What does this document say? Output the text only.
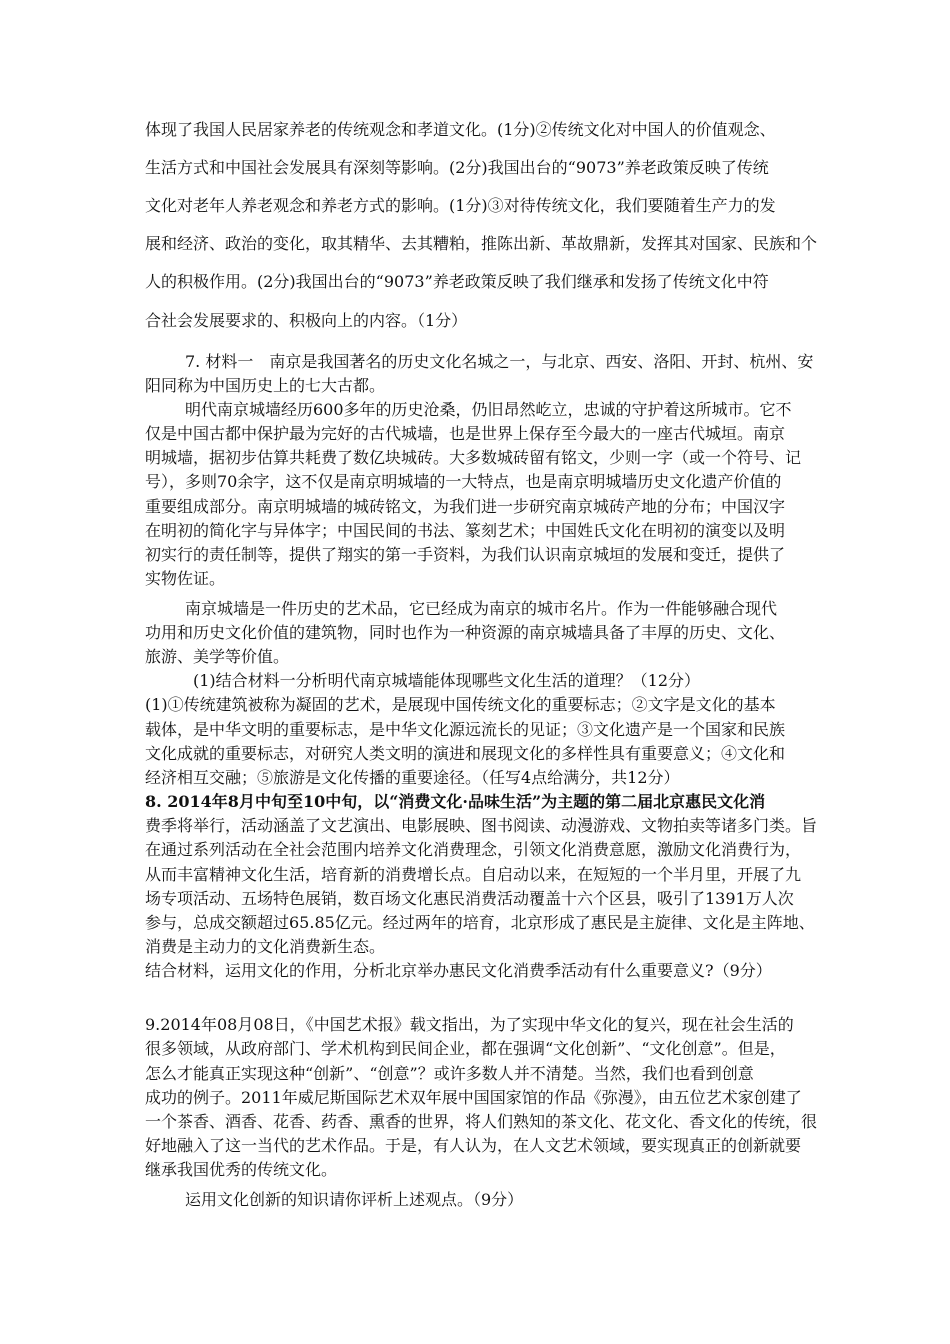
体现了我国人民居家养老的传统观念和孝道文化。(1分)②传统文化对中国人的价值观念、
生活方式和中国社会发展具有深刻等影响。(2分)我国出台的“9073”养老政策反映了传统
文化对老年人养老观念和养老方式的影响。(1分)③对待传统文化，我们要随着生产力的发
展和经济、政治的变化，取其精华、去其糟粕，推陈出新、革故鼎新，发挥其对国家、民族和个
人的积极作用。(2分)我国出台的“9073”养老政策反映了我们继承和发扬了传统文化中符
合社会发展要求的、积极向上的内容。（1分）
7. 材料一　南京是我国著名的历史文化名城之一，与北京、西安、洛阳、开封、杭州、安
阳同称为中国历史上的七大古都。
明代南京城墙经历600多年的历史沧桑，仍旧昂然屹立，忠诚的守护着这所城市。它不
仅是中国古都中保护最为完好的古代城墙，也是世界上保存至今最大的一座古代城垣。南京
明城墙，据初步估算共耗费了数亿块城砖。大多数城砖留有铭文，少则一字（或一个符号、记
号），多则70余字，这不仅是南京明城墙的一大特点，也是南京明城墙历史文化遗产价值的
重要组成部分。南京明城墙的城砖铭文，为我们进一步研究南京城砖产地的分布；中国汉字
在明初的简化字与异体字；中国民间的书法、篆刻艺术；中国姓氏文化在明初的演变以及明
初实行的责任制等，提供了翔实的第一手资料，为我们认识南京城垣的发展和变迁，提供了
实物佐证。
南京城墙是一件历史的艺术品，它已经成为南京的城市名片。作为一件能够融合现代
功用和历史文化价值的建筑物，同时也作为一种资源的南京城墙具备了丰厚的历史、文化、
旅游、美学等价值。
(1)结合材料一分析明代南京城墙能体现哪些文化生活的道理？（12分）
(1)①传统建筑被称为凝固的艺术，是展现中国传统文化的重要标志；②文字是文化的基本
载体，是中华文明的重要标志，是中华文化源远流长的见证；③文化遗产是一个国家和民族
文化成就的重要标志，对研究人类文明的演进和展现文化的多样性具有重要意义；④文化和
经济相互交融；⑤旅游是文化传播的重要途径。（任写4点给满分，共12分）
8. 2014年8月中旬至10中旬，以“消费文化·品味生活”为主题的第二届北京惠民文化消
费季将举行，活动涵盖了文艺演出、电影展映、图书阅读、动漫游戏、文物拍卖等诸多门类。旨
在通过系列活动在全社会范围内培养文化消费理念，引领文化消费意愿，激励文化消费行为，
从而丰富精神文化生活，培育新的消费增长点。自启动以来，在短短的一个半月里，开展了九
场专项活动、五场特色展销，数百场文化惠民消费活动覆盖十六个区县，吸引了1391万人次
参与，总成交额超过65.85亿元。经过两年的培育，北京形成了惠民是主旋律、文化是主阵地、
消费是主动力的文化消费新生态。
结合材料，运用文化的作用，分析北京举办惠民文化消费季活动有什么重要意义?（9分）
9.2014年08月08日，《中国艺术报》载文指出，为了实现中华文化的复兴，现在社会生活的
很多领域，从政府部门、学术机构到民间企业，都在强调“文化创新”、“文化创意”。但是，
怎么才能真正实现这种“创新”、“创意”？或许多数人并不清楚。当然，我们也看到创意
成功的例子。2011年威尼斯国际艺术双年展中国国家馆的作品《弥漫》，由五位艺术家创建了
一个茶香、酒香、花香、药香、熏香的世界，将人们熟知的茶文化、花文化、香文化的传统，很
好地融入了这一当代的艺术作品。于是，有人认为，在人文艺术领域，要实现真正的创新就要
继承我国优秀的传统文化。
运用文化创新的知识请你评析上述观点。（9分）
